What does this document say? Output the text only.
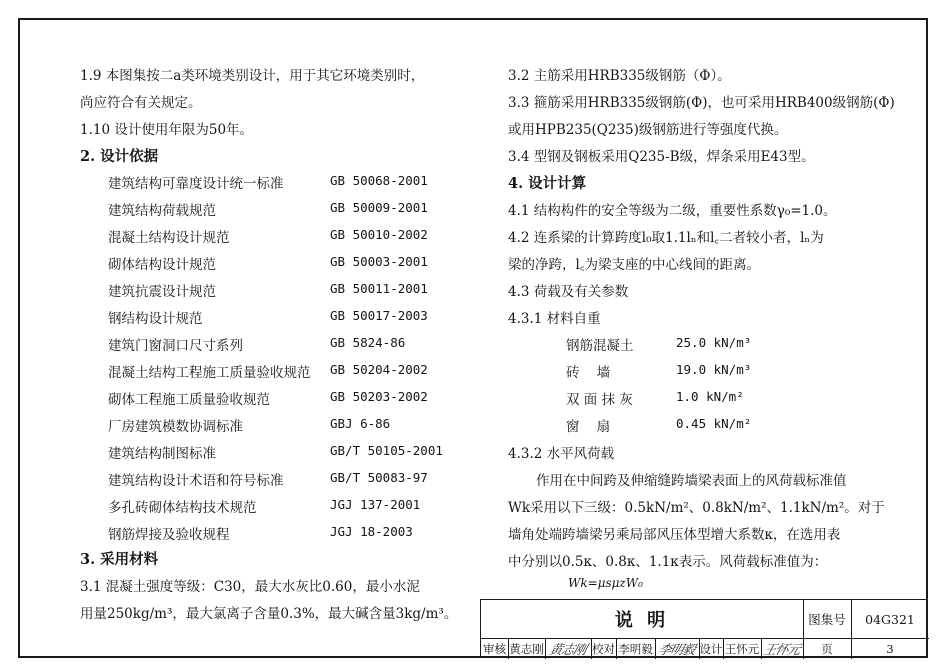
1.9 本图集按二a类环境类别设计，用于其它环境类别时，
尚应符合有关规定。
1.10 设计使用年限为50年。
2. 设计依据
建筑结构可靠度设计统一标准	GB 50068-2001
建筑结构荷载规范	GB 50009-2001
混凝土结构设计规范	GB 50010-2002
砌体结构设计规范	GB 50003-2001
建筑抗震设计规范	GB 50011-2001
钢结构设计规范	GB 50017-2003
建筑门窗洞口尺寸系列	GB 5824-86
混凝土结构工程施工质量验收规范 GB 50204-2002
砌体工程施工质量验收规范	GB 50203-2002
厂房建筑模数协调标准	GBJ 6-86
建筑结构制图标准	GB/T 50105-2001
建筑结构设计术语和符号标准	GB/T 50083-97
多孔砖砌体结构技术规范	JGJ 137-2001
钢筋焊接及验收规程	JGJ 18-2003
3. 采用材料
3.1 混凝土强度等级：C30，最大水灰比0.60，最小水泥
用量250kg/m³，最大氯离子含量0.3%，最大碱含量3kg/m³。
3.2 主筋采用HRB335级钢筋（Φ）。
3.3 箍筋采用HRB335级钢筋(Φ)，也可采用HRB400级钢筋(Φ)
或用HPB235(Q235)级钢筋进行等强度代换。
3.4 型钢及钢板采用Q235-B级，焊条采用E43型。
4. 设计计算
4.1 结构构件的安全等级为二级，重要性系数γ₀=1.0。
4.2 连系梁的计算跨度l₀取1.1lₙ和l꜀二者较小者，lₙ为
梁的净跨，l꜀为梁支座的中心线间的距离。
4.3 荷载及有关参数
4.3.1 材料自重
钢筋混凝土	25.0 kN/m³
砖    墙	19.0 kN/m³
双 面 抹 灰	1.0 kN/m²
窗    扇	0.45 kN/m²
4.3.2 水平风荷载
作用在中间跨及伸缩缝跨墙梁表面上的风荷载标准值
Wk采用以下三级：0.5kN/m²、0.8kN/m²、1.1kN/m²。对于
墙角处端跨墙梁另乘局部风压体型增大系数κ，在选用表
中分别以0.5κ、0.8κ、1.1κ表示。风荷载标准值为：
Wk=μsμzW₀
说 明	图集号	04G321
审核 黄志刚 黄志刚 校对 李明毅 李明毅 设计 王怀元 王怀元	页	3
